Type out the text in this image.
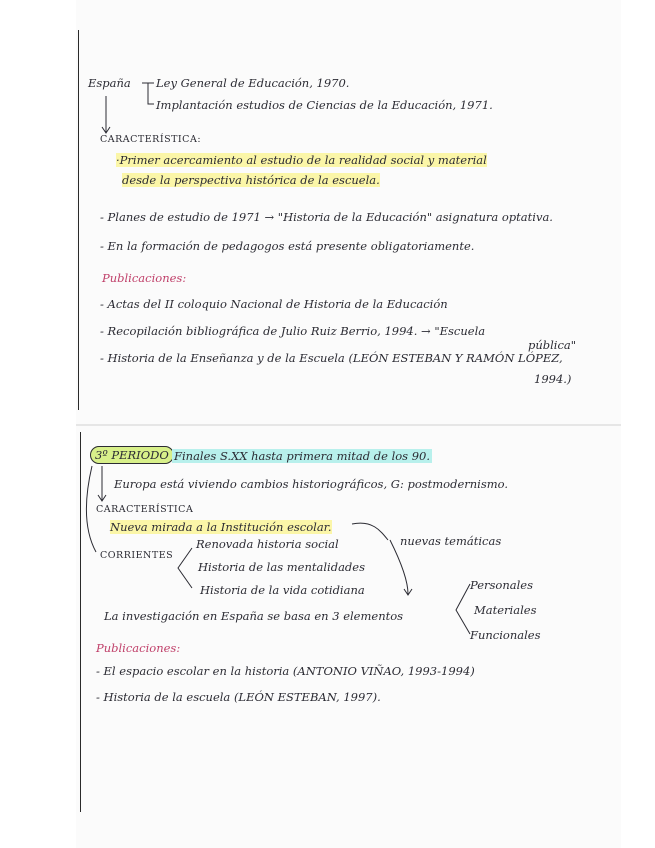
España Ley General de Educación, 1970.
Implantación estudios de Ciencias de la Educación, 1971.
CARACTERÍSTICA:
·Primer acercamiento al estudio de la realidad social y material
desde la perspectiva histórica de la escuela.
- Planes de estudio de 1971 → "Historia de la Educación" asignatura optativa.
- En la formación de pedagogos está presente obligatoriamente.
Publicaciones:
- Actas del II coloquio Nacional de Historia de la Educación
- Recopilación bibliográfica de Julio Ruiz Berrio, 1994. → "Escuela
pública"
- Historia de la Enseñanza y de la Escuela (LEÓN ESTEBAN Y RAMÓN LÓPEZ,
1994.)
3º PERIODO Finales S.XX hasta primera mitad de los 90.
Europa está viviendo cambios historiográficos, G: postmodernismo.
CARACTERÍSTICA
Nueva mirada a la Institución escolar.
CORRIENTES
Renovada historia social
Historia de las mentalidades
Historia de la vida cotidiana
nuevas temáticas
La investigación en España se basa en 3 elementos
Personales
Materiales
Funcionales
Publicaciones:
- El espacio escolar en la historia (ANTONIO VIÑAO, 1993-1994)
- Historia de la escuela (LEÓN ESTEBAN, 1997).
